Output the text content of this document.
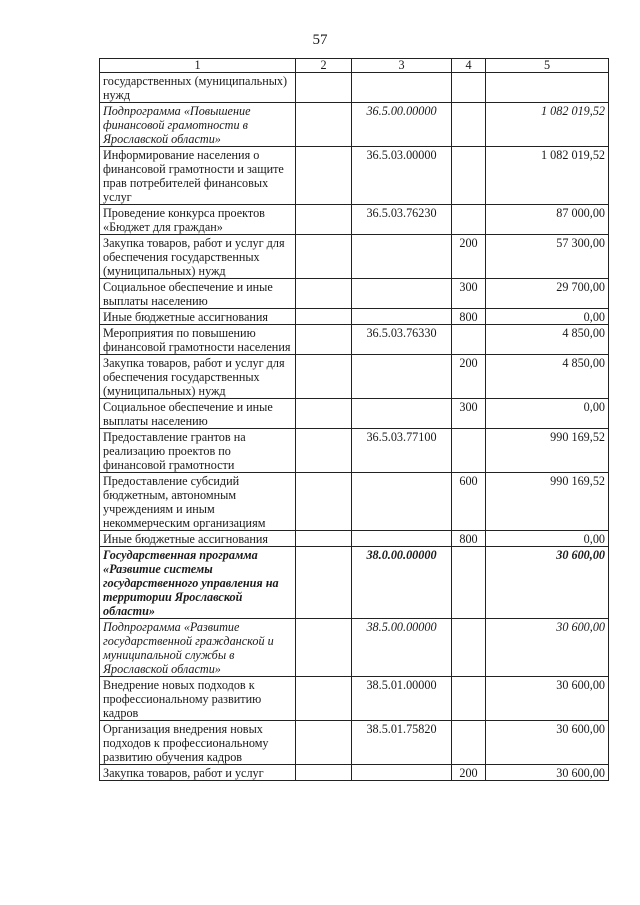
57
1	2	3	4	5
государственных (муниципальных) нужд				
Подпрограмма «Повышение финансовой грамотности в Ярославской области»		36.5.00.00000		1 082 019,52
Информирование населения о финансовой грамотности и защите прав потребителей финансовых услуг		36.5.03.00000		1 082 019,52
Проведение конкурса проектов «Бюджет для граждан»		36.5.03.76230		87 000,00
Закупка товаров, работ и услуг для обеспечения государственных (муниципальных) нужд			200	57 300,00
Социальное обеспечение и иные выплаты населению			300	29 700,00
Иные бюджетные ассигнования			800	0,00
Мероприятия по повышению финансовой грамотности населения		36.5.03.76330		4 850,00
Закупка товаров, работ и услуг для обеспечения государственных (муниципальных) нужд			200	4 850,00
Социальное обеспечение и иные выплаты населению			300	0,00
Предоставление грантов на реализацию проектов по финансовой грамотности		36.5.03.77100		990 169,52
Предоставление субсидий бюджетным, автономным учреждениям и иным некоммерческим организациям			600	990 169,52
Иные бюджетные ассигнования			800	0,00
Государственная программа «Развитие системы государственного управления на территории Ярославской области»		38.0.00.00000		30 600,00
Подпрограмма «Развитие государственной гражданской и муниципальной службы в Ярославской области»		38.5.00.00000		30 600,00
Внедрение новых подходов к профессиональному развитию кадров		38.5.01.00000		30 600,00
Организация внедрения новых подходов к профессиональному развитию обучения кадров		38.5.01.75820		30 600,00
Закупка товаров, работ и услуг			200	30 600,00
